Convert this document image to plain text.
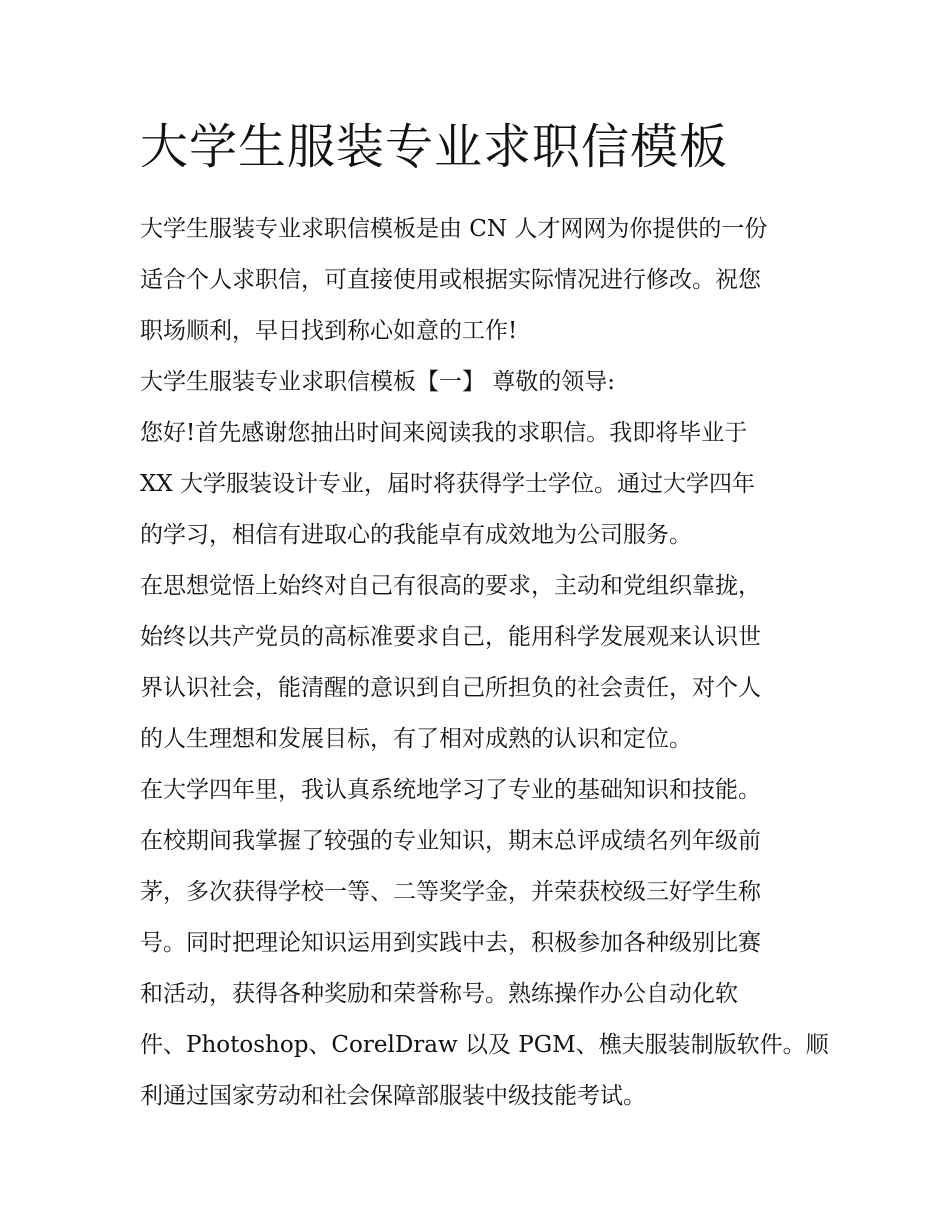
大学生服装专业求职信模板
大学生服装专业求职信模板是由 CN 人才网网为你提供的一份
适合个人求职信，可直接使用或根据实际情况进行修改。祝您
职场顺利，早日找到称心如意的工作!
大学生服装专业求职信模板【一】 尊敬的领导:
您好!首先感谢您抽出时间来阅读我的求职信。我即将毕业于
XX 大学服装设计专业，届时将获得学士学位。通过大学四年
的学习，相信有进取心的我能卓有成效地为公司服务。
在思想觉悟上始终对自己有很高的要求，主动和党组织靠拢，
始终以共产党员的高标准要求自己，能用科学发展观来认识世
界认识社会，能清醒的意识到自己所担负的社会责任，对个人
的人生理想和发展目标，有了相对成熟的认识和定位。
在大学四年里，我认真系统地学习了专业的基础知识和技能。
在校期间我掌握了较强的专业知识，期末总评成绩名列年级前
茅，多次获得学校一等、二等奖学金，并荣获校级三好学生称
号。同时把理论知识运用到实践中去，积极参加各种级别比赛
和活动，获得各种奖励和荣誉称号。熟练操作办公自动化软
件、Photoshop、CorelDraw 以及 PGM、樵夫服装制版软件。顺
利通过国家劳动和社会保障部服装中级技能考试。
